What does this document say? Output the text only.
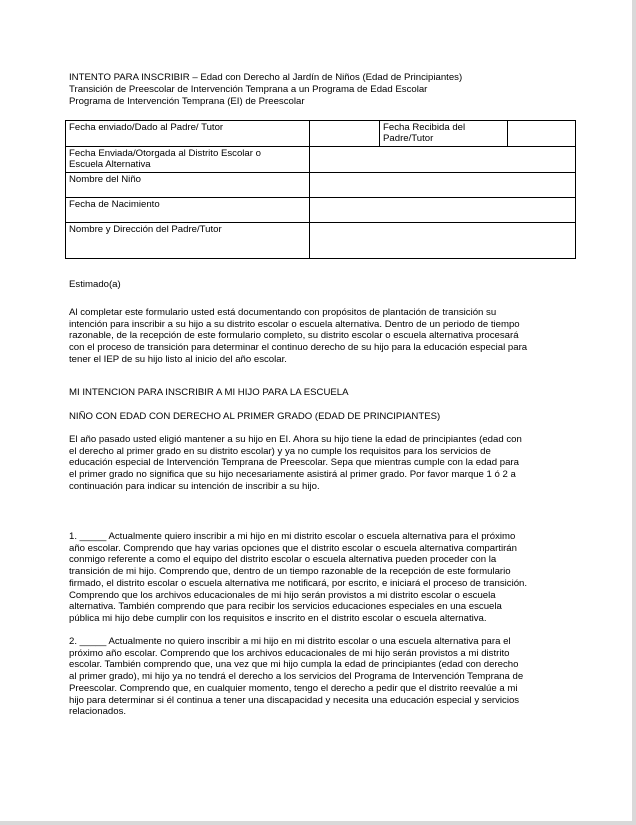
INTENTO PARA INSCRIBIR – Edad con Derecho al Jardín de Niños (Edad de Principiantes)
Transición de Preescolar de Intervención Temprana a un Programa de Edad Escolar
Programa de Intervención Temprana (EI) de Preescolar
Fecha enviado/Dado al Padre/ Tutor		Fecha Recibida del
Padre/Tutor	

Fecha Enviada/Otorgada al Distrito Escolar o
Escuela Alternativa			

Nombre del Niño			
Fecha de Nacimiento			
Nombre y Dirección del Padre/Tutor			
Estimado(a)
Al completar este formulario usted está documentando con propósitos de plantación de transición su
intención para inscribir a su hijo a su distrito escolar o escuela alternativa. Dentro de un periodo de tiempo
razonable, de la recepción de este formulario completo, su distrito escolar o escuela alternativa procesará
con el proceso de transición para determinar el continuo derecho de su hijo para la educación especial para
tener el IEP de su hijo listo al inicio del año escolar.
MI INTENCION PARA INSCRIBIR A MI HIJO PARA LA ESCUELA
NIÑO CON EDAD CON DERECHO AL PRIMER GRADO (EDAD DE PRINCIPIANTES)
El año pasado usted eligió mantener a su hijo en EI. Ahora su hijo tiene la edad de principiantes (edad con
el derecho al primer grado en su distrito escolar) y ya no cumple los requisitos para los servicios de
educación especial de Intervención Temprana de Preescolar. Sepa que mientras cumple con la edad para
el primer grado no significa que su hijo necesariamente asistirá al primer grado. Por favor marque 1 ó 2 a
continuación para indicar su intención de inscribir a su hijo.
1. _____ Actualmente quiero inscribir a mi hijo en mi distrito escolar o escuela alternativa para el próximo
año escolar. Comprendo que hay varias opciones que el distrito escolar o escuela alternativa compartirán
conmigo referente a como el equipo del distrito escolar o escuela alternativa pueden proceder con la
transición de mi hijo. Comprendo que, dentro de un tiempo razonable de la recepción de este formulario
firmado, el distrito escolar o escuela alternativa me notificará, por escrito, e iniciará el proceso de transición.
Comprendo que los archivos educacionales de mi hijo serán provistos a mi distrito escolar o escuela
alternativa. También comprendo que para recibir los servicios educaciones especiales en una escuela
pública mi hijo debe cumplir con los requisitos e inscrito en el distrito escolar o escuela alternativa.
2. _____ Actualmente no quiero inscribir a mi hijo en mi distrito escolar o una escuela alternativa para el
próximo año escolar. Comprendo que los archivos educacionales de mi hijo serán provistos a mi distrito
escolar. También comprendo que, una vez que mi hijo cumpla la edad de principiantes (edad con derecho
al primer grado), mi hijo ya no tendrá el derecho a los servicios del Programa de Intervención Temprana de
Preescolar. Comprendo que, en cualquier momento, tengo el derecho a pedir que el distrito reevalúe a mi
hijo para determinar si él continua a tener una discapacidad y necesita una educación especial y servicios
relacionados.
